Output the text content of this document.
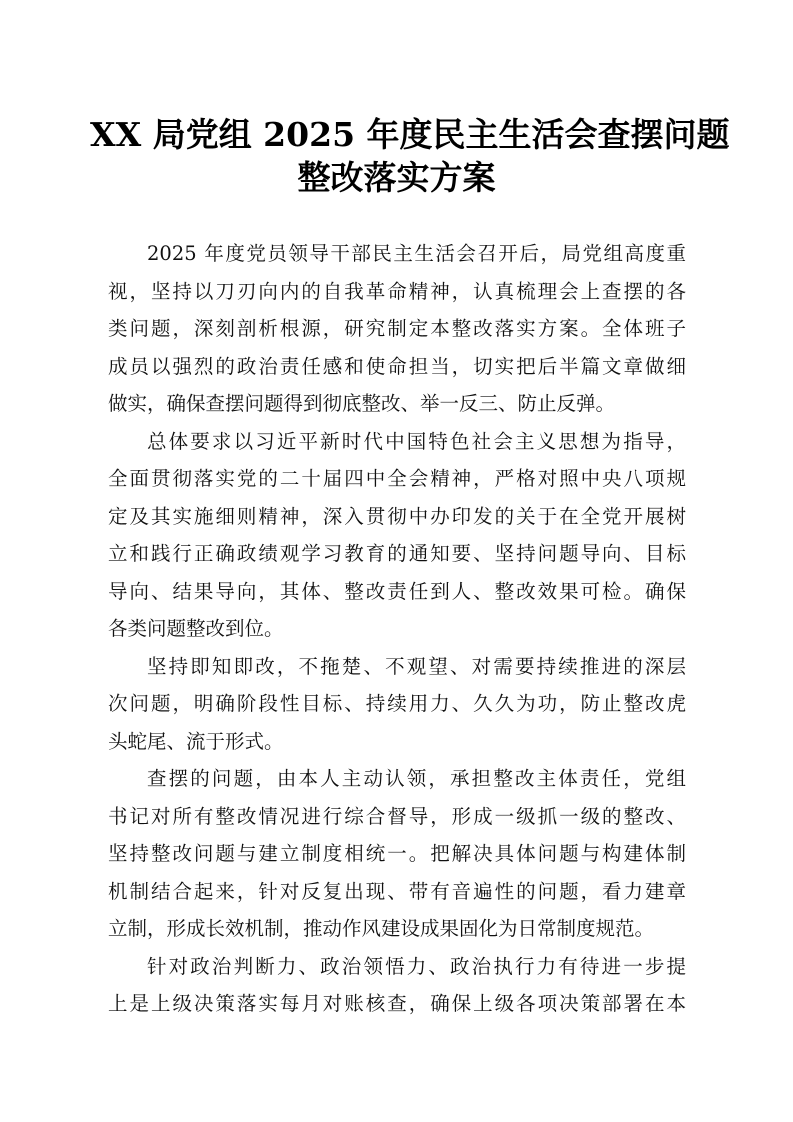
XX 局党组 2025 年度民主生活会查摆问题
整改落实方案
2025 年度党员领导干部民主生活会召开后，局党组高度重
视，坚持以刀刃向内的自我革命精神，认真梳理会上查摆的各
类问题，深刻剖析根源，研究制定本整改落实方案。全体班子
成员以强烈的政治责任感和使命担当，切实把后半篇文章做细
做实，确保查摆问题得到彻底整改、举一反三、防止反弹。
总体要求以习近平新时代中国特色社会主义思想为指导，
全面贯彻落实党的二十届四中全会精神，严格对照中央八项规
定及其实施细则精神，深入贯彻中办印发的关于在全党开展树
立和践行正确政绩观学习教育的通知要、坚持问题导向、目标
导向、结果导向，其体、整改责任到人、整改效果可检。确保
各类问题整改到位。
坚持即知即改，不拖楚、不观望、对需要持续推进的深层
次问题，明确阶段性目标、持续用力、久久为功，防止整改虎
头蛇尾、流于形式。
查摆的问题，由本人主动认领，承担整改主体责任，党组
书记对所有整改情况进行综合督导，形成一级抓一级的整改、
坚持整改问题与建立制度相统一。把解决具体问题与构建体制
机制结合起来，针对反复出现、带有音遍性的问题，看力建章
立制，形成长效机制，推动作风建设成果固化为日常制度规范。
针对政治判断力、政治领悟力、政治执行力有待进一步提
上是上级决策落实每月对账核查，确保上级各项决策部署在本
